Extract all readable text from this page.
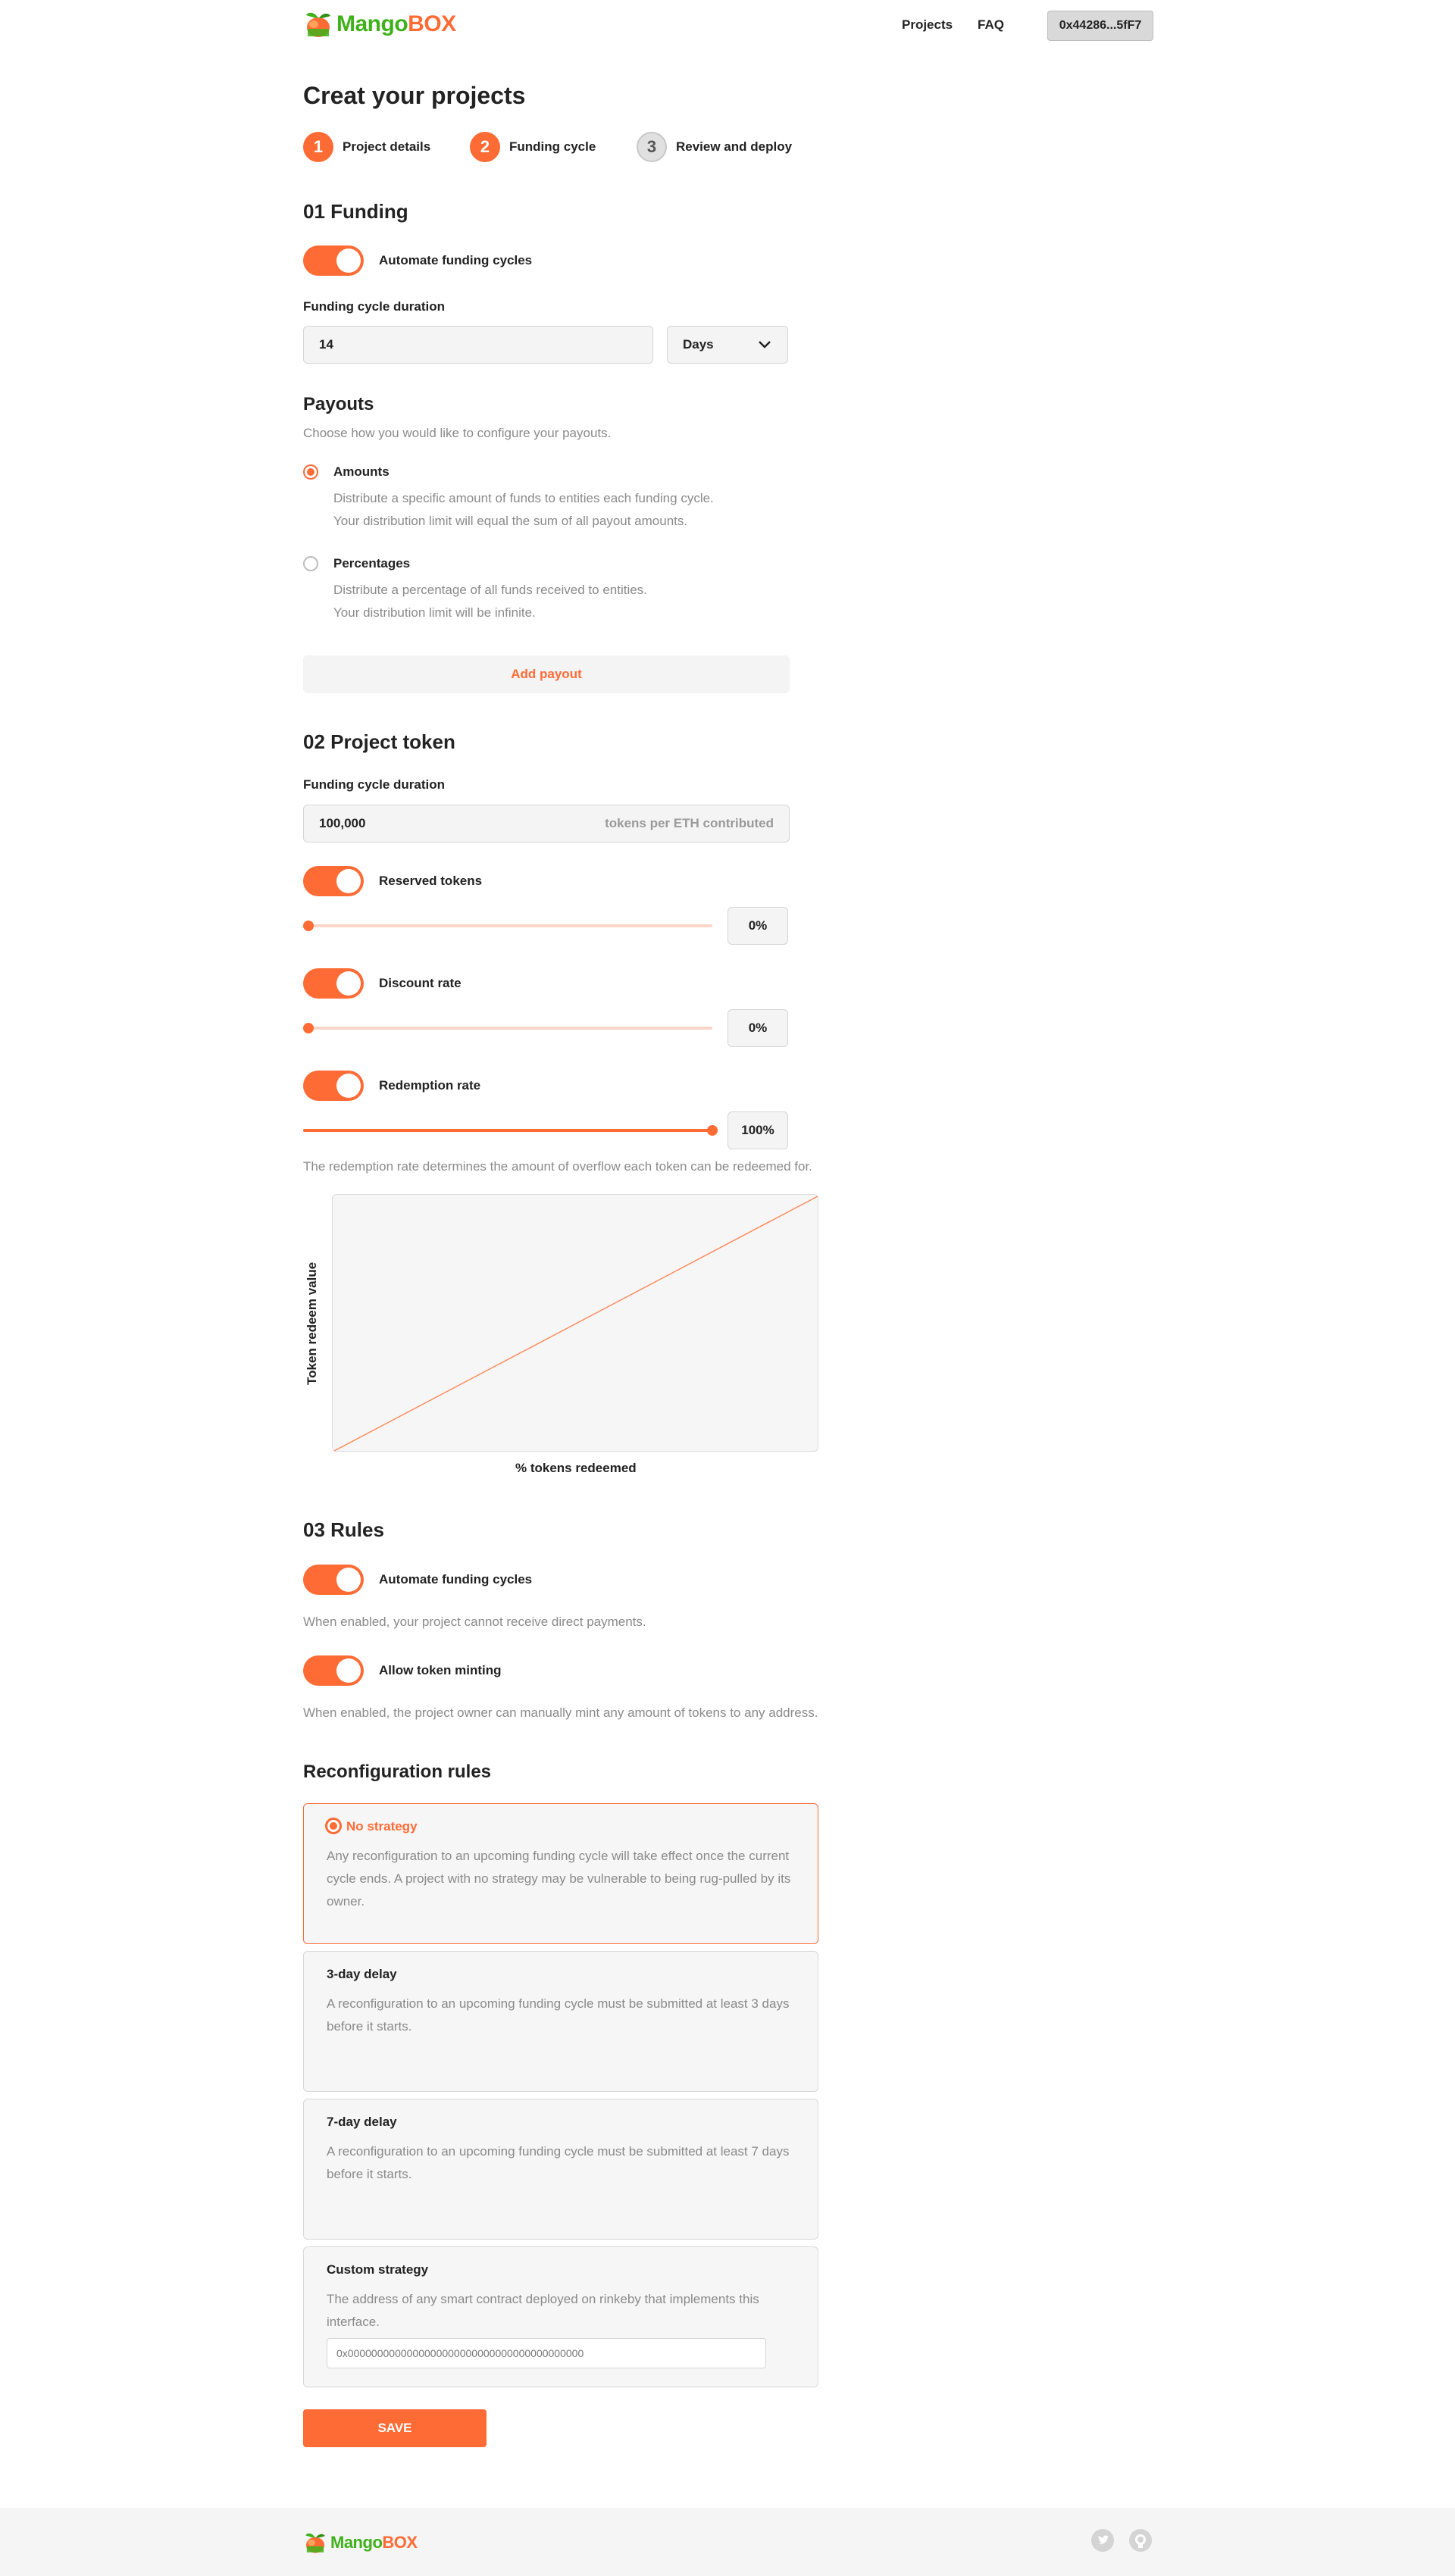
MangoBOX	Projects FAQ	0x44286...5fF7
Creat your projects
1	Project details	2	Funding cycle	3	Review and deploy
01 Funding
Automate funding cycles
Funding cycle duration
14	Days
Payouts
Choose how you would like to configure your payouts.
Amounts
Distribute a specific amount of funds to entities each funding cycle.
Your distribution limit will equal the sum of all payout amounts.
Percentages
Distribute a percentage of all funds received to entities.
Your distribution limit will be infinite.
Add payout
02 Project token
Funding cycle duration
100,000	tokens per ETH contributed
Reserved tokens
0%
Discount rate
0%
Redemption rate
100%
The redemption rate determines the amount of overflow each token can be redeemed for.
Token redeem value
% tokens redeemed
03 Rules
Automate funding cycles
When enabled, your project cannot receive direct payments.
Allow token minting
When enabled, the project owner can manually mint any amount of tokens to any address.
Reconfiguration rules
No strategy
Any reconfiguration to an upcoming funding cycle will take effect once the current cycle ends. A project with no strategy may be vulnerable to being rug-pulled by its owner.
3-day delay
A reconfiguration to an upcoming funding cycle must be submitted at least 3 days before it starts.
7-day delay
A reconfiguration to an upcoming funding cycle must be submitted at least 7 days before it starts.
Custom strategy
The address of any smart contract deployed on rinkeby that implements this interface.
0x0000000000000000000000000000000000000000
SAVE
MangoBOX
